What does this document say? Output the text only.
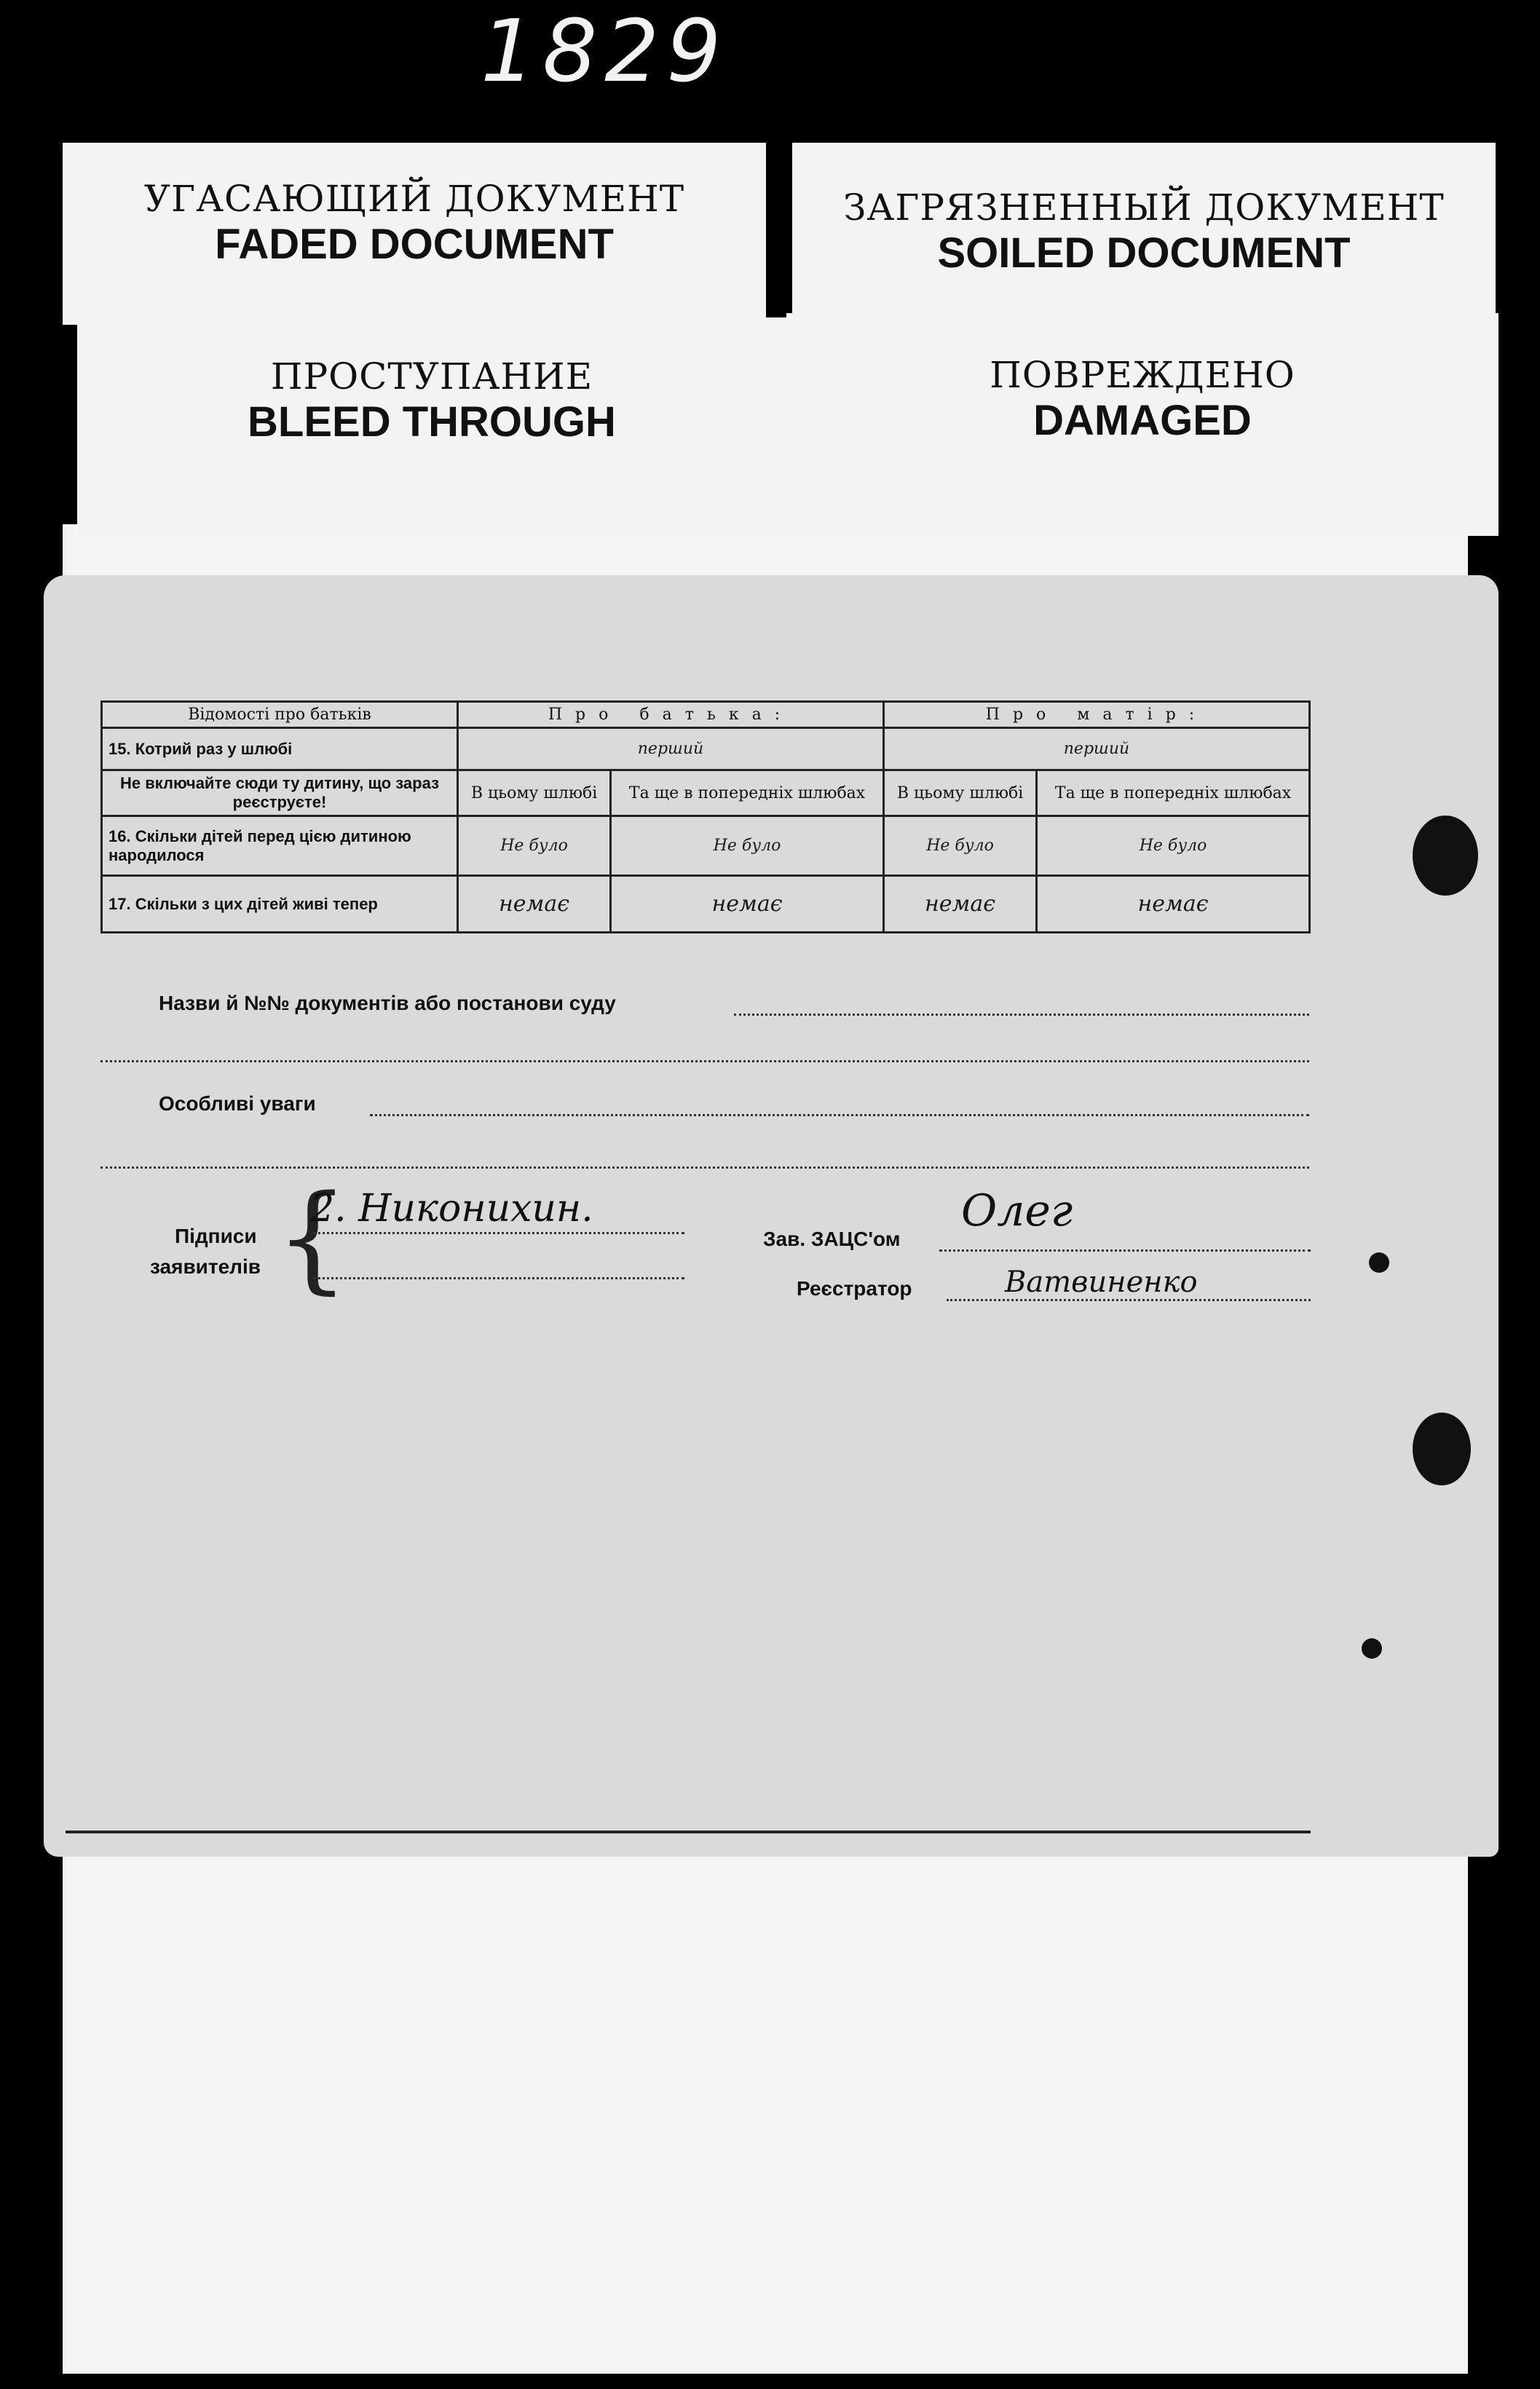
1829
УГАСАЮЩИЙ ДОКУМЕНТ
FADED DOCUMENT
ЗАГРЯЗНЕННЫЙ ДОКУМЕНТ
SOILED DOCUMENT
ПРОСТУПАНИЕ
BLEED THROUGH
ПОВРЕЖДЕНО
DAMAGED
Відомості про батьків	Про батька:		Про матір:	
15. Котрий раз у шлюбі	перший		перший	
Не включайте сюди ту дитину, що зараз реєструєте!	В цьому шлюбі	Та ще в попередніх шлюбах	В цьому шлюбі	Та ще в попередніх шлюбах
16. Скільки дітей перед цією дитиною народилося	Не було	Не було	Не було	Не було
17. Скільки з цих дітей живі тепер	немає	немає	немає	немає
Назви й №№ документів або постанови суду
Особливі уваги
Підписи
заявителів {
2. Никонихин.
Зав. ЗАЦС'ом
Олег
Реєстратор	Ватвиненко
